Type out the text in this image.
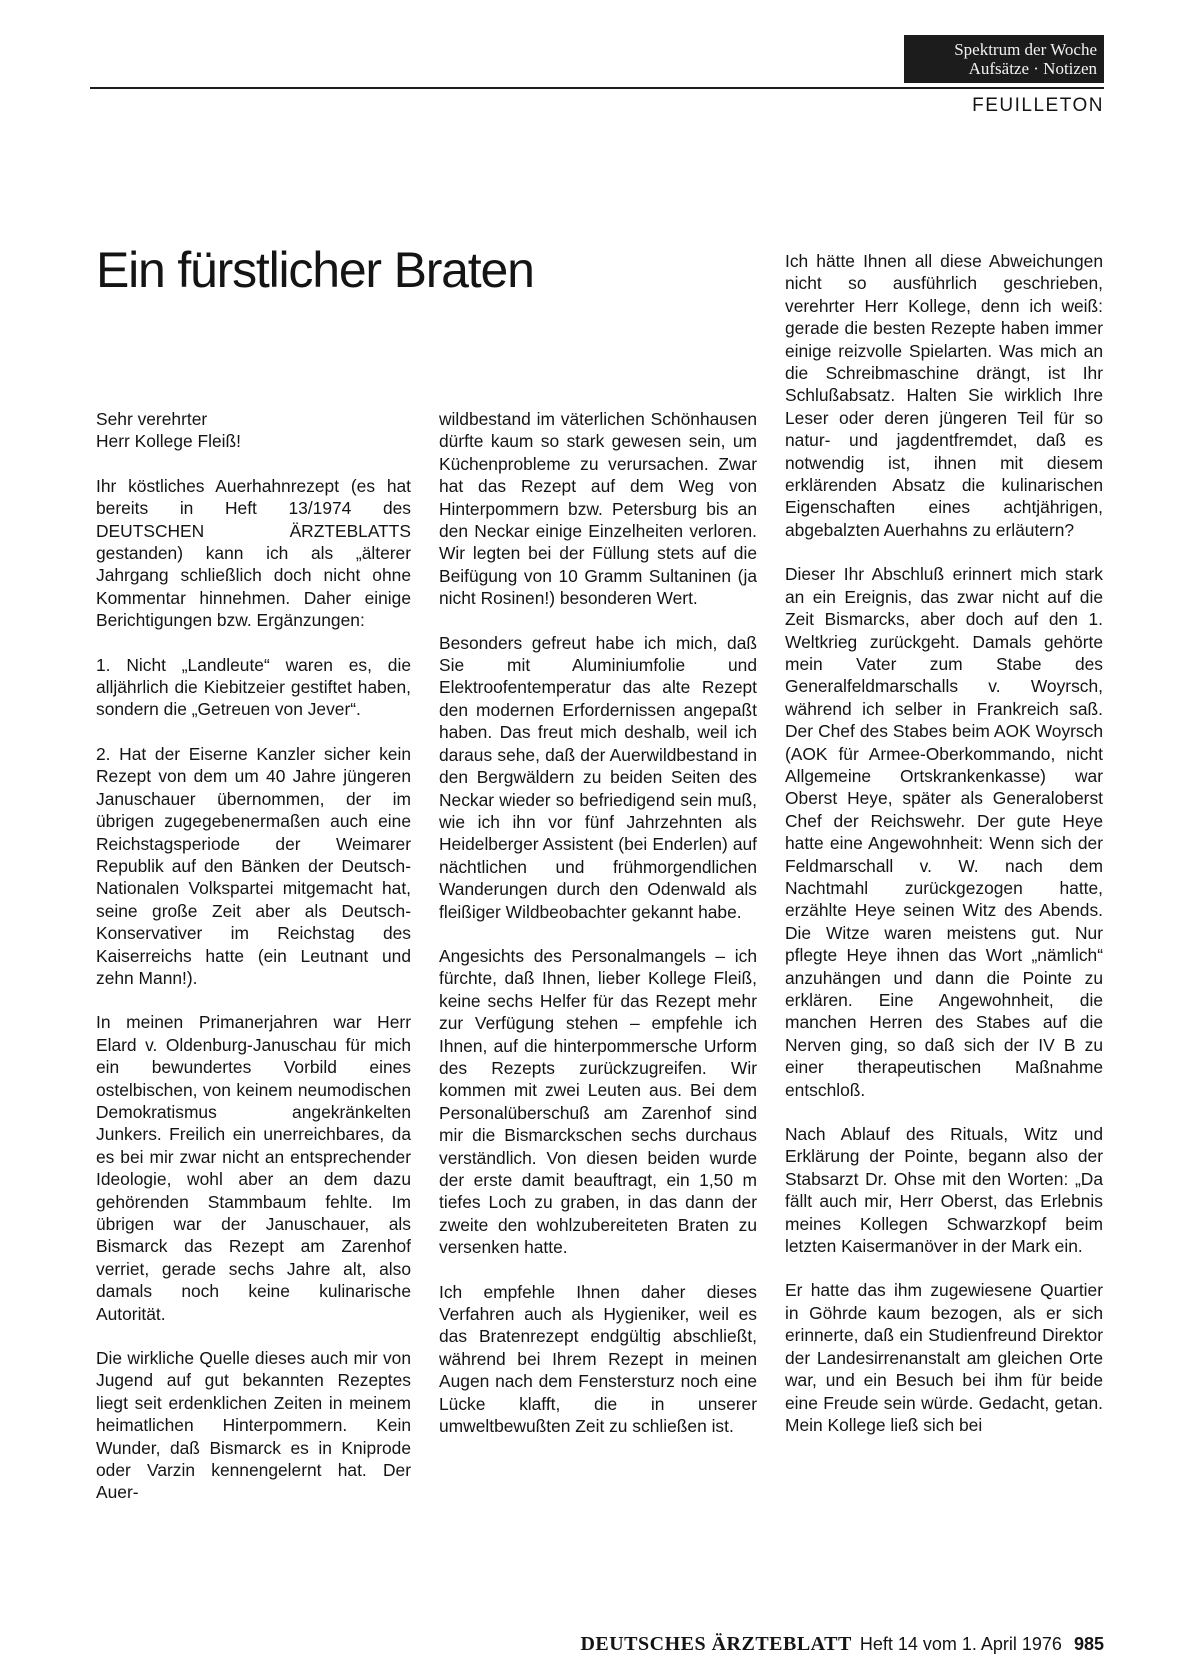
Spektrum der Woche
Aufsätze · Notizen
FEUILLETON
Ein fürstlicher Braten

Sehr verehrter
Herr Kollege Fleiß!

Ihr köstliches Auerhahnrezept (es hat bereits in Heft 13/1974 des DEUTSCHEN ÄRZTEBLATTS gestanden) kann ich als „älterer Jahrgang schließlich doch nicht ohne Kommentar hinnehmen. Daher einige Berichtigungen bzw. Ergänzungen:

1. Nicht „Landleute“ waren es, die alljährlich die Kiebitzeier gestiftet haben, sondern die „Getreuen von Jever“.

2. Hat der Eiserne Kanzler sicher kein Rezept von dem um 40 Jahre jüngeren Januschauer übernommen, der im übrigen zugegebenermaßen auch eine Reichstagsperiode der Weimarer Republik auf den Bänken der Deutsch-Nationalen Volkspartei mitgemacht hat, seine große Zeit aber als Deutsch-Konservativer im Reichstag des Kaiserreichs hatte (ein Leutnant und zehn Mann!).

In meinen Primanerjahren war Herr Elard v. Oldenburg-Januschau für mich ein bewundertes Vorbild eines ostelbischen, von keinem neumodischen Demokratismus angekränkelten Junkers. Freilich ein unerreichbares, da es bei mir zwar nicht an entsprechender Ideologie, wohl aber an dem dazu gehörenden Stammbaum fehlte. Im übrigen war der Januschauer, als Bismarck das Rezept am Zarenhof verriet, gerade sechs Jahre alt, also damals noch keine kulinarische Autorität.

Die wirkliche Quelle dieses auch mir von Jugend auf gut bekannten Rezeptes liegt seit erdenklichen Zeiten in meinem heimatlichen Hinterpommern. Kein Wunder, daß Bismarck es in Kniprode oder Varzin kennengelernt hat. Der Auer-

wildbestand im väterlichen Schönhausen dürfte kaum so stark gewesen sein, um Küchenprobleme zu verursachen. Zwar hat das Rezept auf dem Weg von Hinterpommern bzw. Petersburg bis an den Neckar einige Einzelheiten verloren. Wir legten bei der Füllung stets auf die Beifügung von 10 Gramm Sultaninen (ja nicht Rosinen!) besonderen Wert.

Besonders gefreut habe ich mich, daß Sie mit Aluminiumfolie und Elektroofentemperatur das alte Rezept den modernen Erfordernissen angepaßt haben. Das freut mich deshalb, weil ich daraus sehe, daß der Auerwildbestand in den Bergwäldern zu beiden Seiten des Neckar wieder so befriedigend sein muß, wie ich ihn vor fünf Jahrzehnten als Heidelberger Assistent (bei Enderlen) auf nächtlichen und frühmorgendlichen Wanderungen durch den Odenwald als fleißiger Wildbeobachter gekannt habe.

Angesichts des Personalmangels – ich fürchte, daß Ihnen, lieber Kollege Fleiß, keine sechs Helfer für das Rezept mehr zur Verfügung stehen – empfehle ich Ihnen, auf die hinterpommersche Urform des Rezepts zurückzugreifen. Wir kommen mit zwei Leuten aus. Bei dem Personalüberschuß am Zarenhof sind mir die Bismarckschen sechs durchaus verständlich. Von diesen beiden wurde der erste damit beauftragt, ein 1,50 m tiefes Loch zu graben, in das dann der zweite den wohlzubereiteten Braten zu versenken hatte.

Ich empfehle Ihnen daher dieses Verfahren auch als Hygieniker, weil es das Bratenrezept endgültig abschließt, während bei Ihrem Rezept in meinen Augen nach dem Fenstersturz noch eine Lücke klafft, die in unserer umweltbewußten Zeit zu schließen ist.

Ich hätte Ihnen all diese Abweichungen nicht so ausführlich geschrieben, verehrter Herr Kollege, denn ich weiß: gerade die besten Rezepte haben immer einige reizvolle Spielarten. Was mich an die Schreibmaschine drängt, ist Ihr Schlußabsatz. Halten Sie wirklich Ihre Leser oder deren jüngeren Teil für so natur- und jagdentfremdet, daß es notwendig ist, ihnen mit diesem erklärenden Absatz die kulinarischen Eigenschaften eines achtjährigen, abgebalzten Auerhahns zu erläutern?

Dieser Ihr Abschluß erinnert mich stark an ein Ereignis, das zwar nicht auf die Zeit Bismarcks, aber doch auf den 1. Weltkrieg zurückgeht. Damals gehörte mein Vater zum Stabe des Generalfeldmarschalls v. Woyrsch, während ich selber in Frankreich saß. Der Chef des Stabes beim AOK Woyrsch (AOK für Armee-Oberkommando, nicht Allgemeine Ortskrankenkasse) war Oberst Heye, später als Generaloberst Chef der Reichswehr. Der gute Heye hatte eine Angewohnheit: Wenn sich der Feldmarschall v. W. nach dem Nachtmahl zurückgezogen hatte, erzählte Heye seinen Witz des Abends. Die Witze waren meistens gut. Nur pflegte Heye ihnen das Wort „nämlich“ anzuhängen und dann die Pointe zu erklären. Eine Angewohnheit, die manchen Herren des Stabes auf die Nerven ging, so daß sich der IV B zu einer therapeutischen Maßnahme entschloß.

Nach Ablauf des Rituals, Witz und Erklärung der Pointe, begann also der Stabsarzt Dr. Ohse mit den Worten: „Da fällt auch mir, Herr Oberst, das Erlebnis meines Kollegen Schwarzkopf beim letzten Kaisermanöver in der Mark ein.

Er hatte das ihm zugewiesene Quartier in Göhrde kaum bezogen, als er sich erinnerte, daß ein Studienfreund Direktor der Landesirrenanstalt am gleichen Orte war, und ein Besuch bei ihm für beide eine Freude sein würde. Gedacht, getan. Mein Kollege ließ sich bei

DEUTSCHES ÄRZTEBLATT Heft 14 vom 1. April 1976 985
